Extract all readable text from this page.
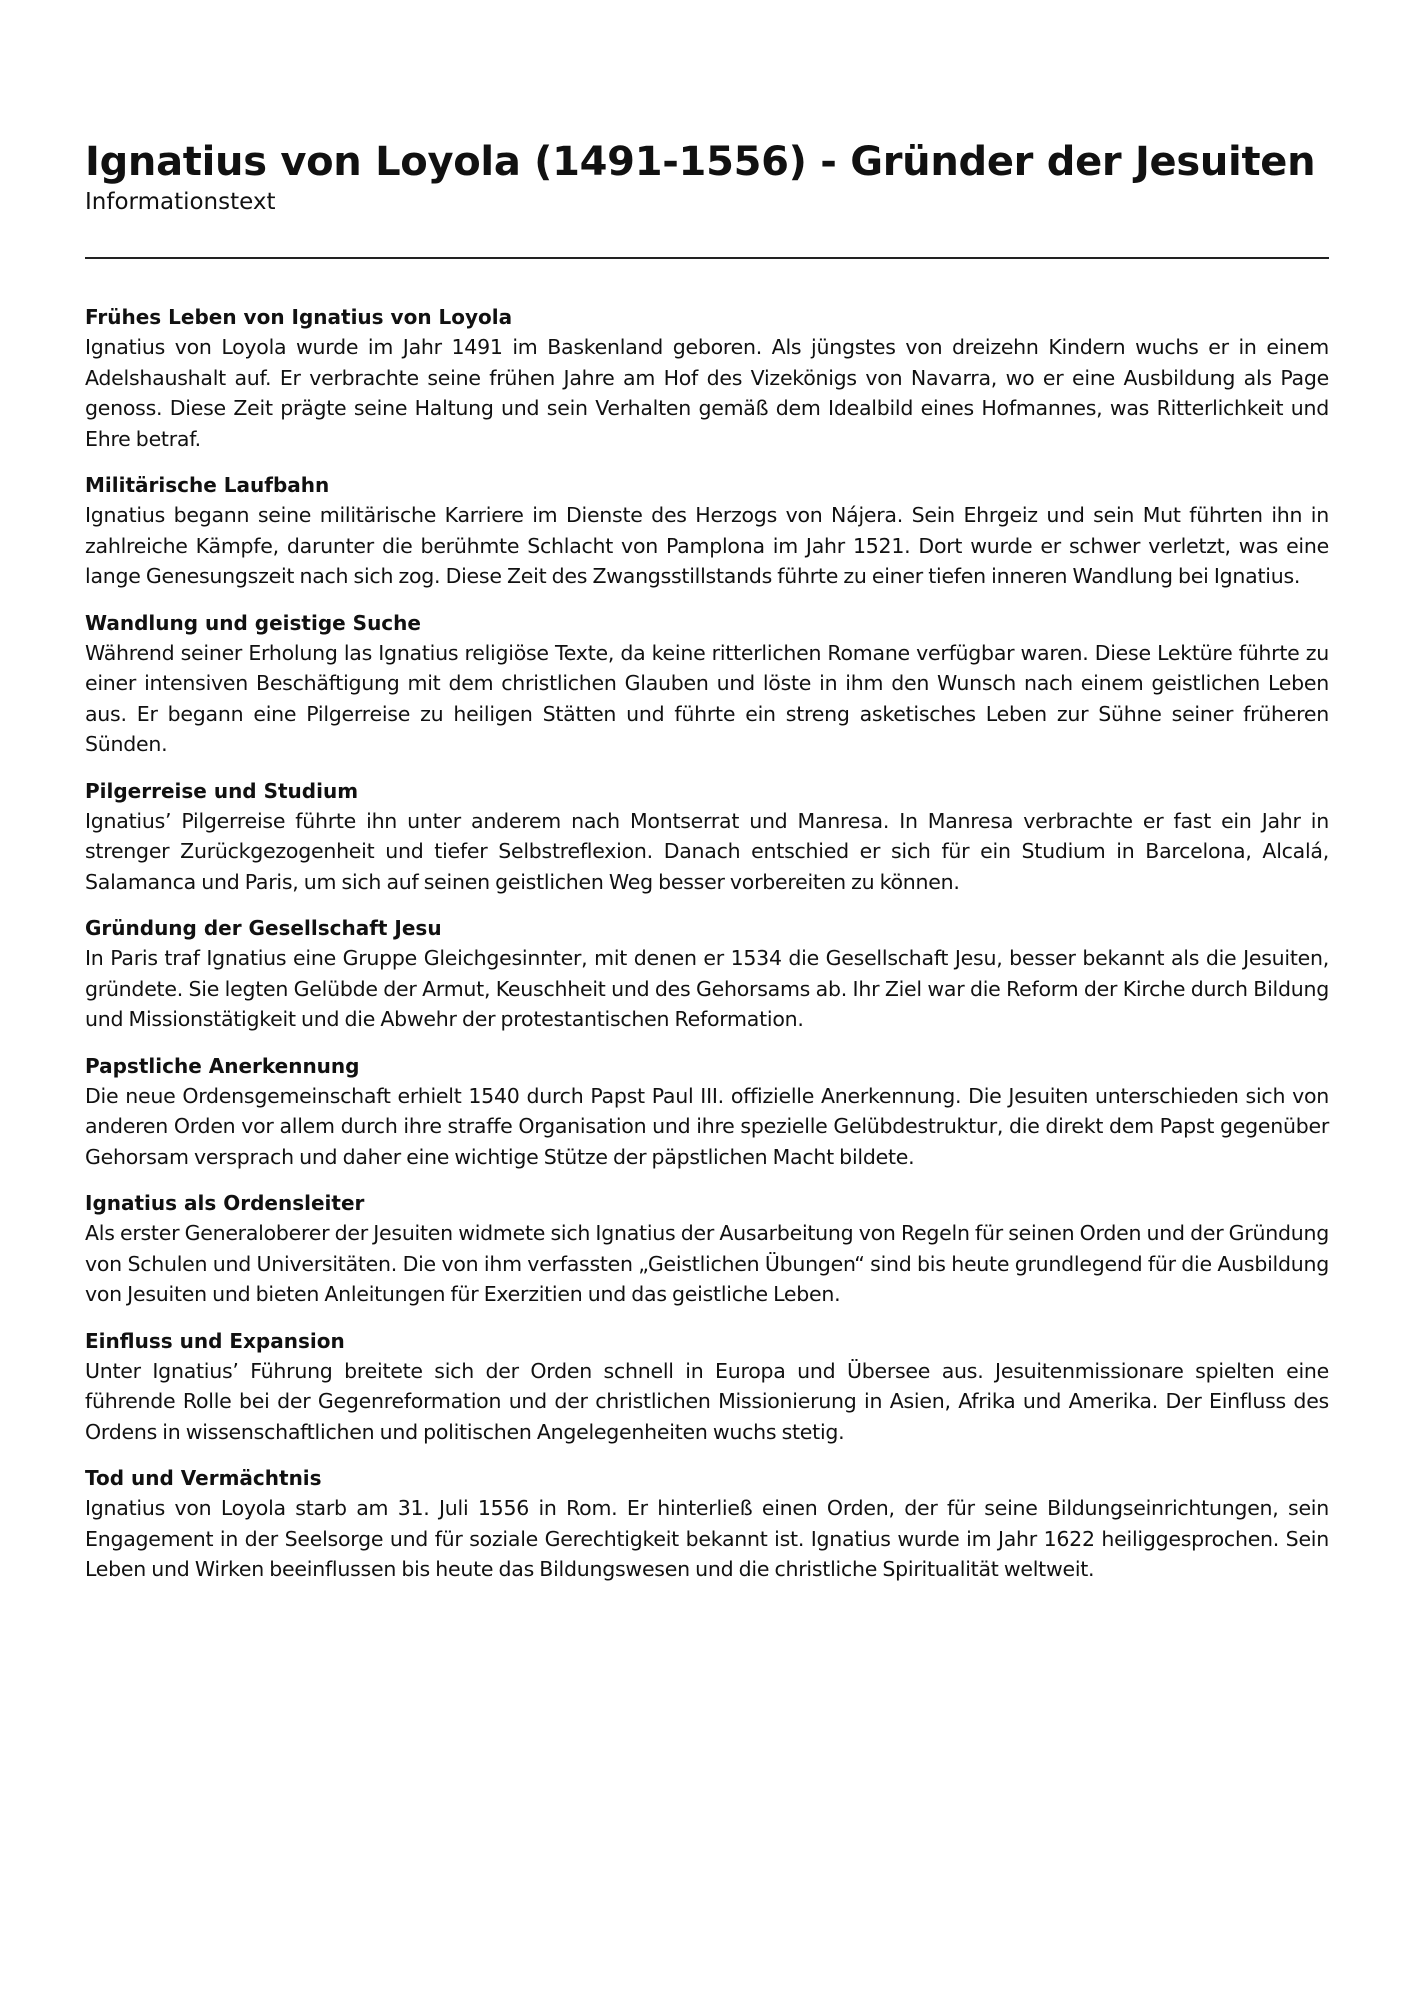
Ignatius von Loyola (1491-1556) - Gründer der Jesuiten
Informationstext
Frühes Leben von Ignatius von Loyola

Ignatius von Loyola wurde im Jahr 1491 im Baskenland geboren. Als jüngstes von dreizehn Kindern wuchs er in einem Adelshaushalt auf. Er verbrachte seine frühen Jahre am Hof des Vizekönigs von Navarra, wo er eine Ausbildung als Page genoss. Diese Zeit prägte seine Haltung und sein Verhalten gemäß dem Idealbild eines Hofmannes, was Ritterlichkeit und Ehre betraf.

Militärische Laufbahn

Ignatius begann seine militärische Karriere im Dienste des Herzogs von Nájera. Sein Ehrgeiz und sein Mut führten ihn in zahlreiche Kämpfe, darunter die berühmte Schlacht von Pamplona im Jahr 1521. Dort wurde er schwer verletzt, was eine lange Genesungszeit nach sich zog. Diese Zeit des Zwangsstillstands führte zu einer tiefen inneren Wandlung bei Ignatius.

Wandlung und geistige Suche

Während seiner Erholung las Ignatius religiöse Texte, da keine ritterlichen Romane verfügbar waren. Diese Lektüre führte zu einer intensiven Beschäftigung mit dem christlichen Glauben und löste in ihm den Wunsch nach einem geistlichen Leben aus. Er begann eine Pilgerreise zu heiligen Stätten und führte ein streng asketisches Leben zur Sühne seiner früheren Sünden.

Pilgerreise und Studium

Ignatius’ Pilgerreise führte ihn unter anderem nach Montserrat und Manresa. In Manresa verbrachte er fast ein Jahr in strenger Zurückgezogenheit und tiefer Selbstreflexion. Danach entschied er sich für ein Studium in Barcelona, Alcalá, Salamanca und Paris, um sich auf seinen geistlichen Weg besser vorbereiten zu können.

Gründung der Gesellschaft Jesu

In Paris traf Ignatius eine Gruppe Gleichgesinnter, mit denen er 1534 die Gesellschaft Jesu, besser bekannt als die Jesuiten, gründete. Sie legten Gelübde der Armut, Keuschheit und des Gehorsams ab. Ihr Ziel war die Reform der Kirche durch Bildung und Missionstätigkeit und die Abwehr der protestantischen Reformation.

Papstliche Anerkennung

Die neue Ordensgemeinschaft erhielt 1540 durch Papst Paul III. offizielle Anerkennung. Die Jesuiten unterschieden sich von anderen Orden vor allem durch ihre straffe Organisation und ihre spezielle Gelübdestruktur, die direkt dem Papst gegenüber Gehorsam versprach und daher eine wichtige Stütze der päpstlichen Macht bildete.

Ignatius als Ordensleiter

Als erster Generaloberer der Jesuiten widmete sich Ignatius der Ausarbeitung von Regeln für seinen Orden und der Gründung von Schulen und Universitäten. Die von ihm verfassten „Geistlichen Übungen“ sind bis heute grundlegend für die Ausbildung von Jesuiten und bieten Anleitungen für Exerzitien und das geistliche Leben.

Einfluss und Expansion

Unter Ignatius’ Führung breitete sich der Orden schnell in Europa und Übersee aus. Jesuitenmissionare spielten eine führende Rolle bei der Gegenreformation und der christlichen Missionierung in Asien, Afrika und Amerika. Der Einfluss des Ordens in wissenschaftlichen und politischen Angelegenheiten wuchs stetig.

Tod und Vermächtnis

Ignatius von Loyola starb am 31. Juli 1556 in Rom. Er hinterließ einen Orden, der für seine Bildungseinrichtungen, sein Engagement in der Seelsorge und für soziale Gerechtigkeit bekannt ist. Ignatius wurde im Jahr 1622 heiliggesprochen. Sein Leben und Wirken beeinflussen bis heute das Bildungswesen und die christliche Spiritualität weltweit.
